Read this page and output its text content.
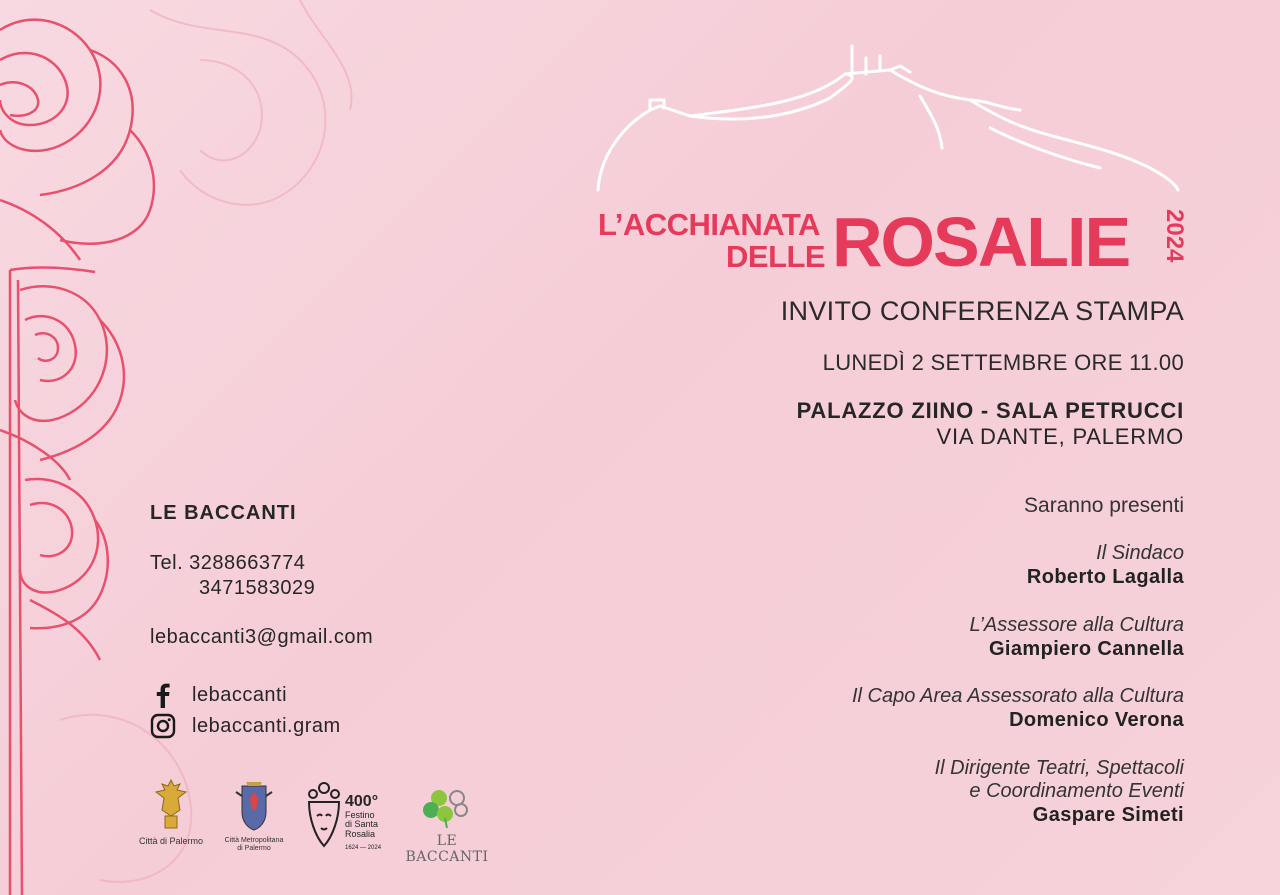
L’ACCHIANATA
DELLE ROSALIE 2024
INVITO CONFERENZA STAMPA
LUNEDÌ 2 SETTEMBRE ORE 11.00
PALAZZO ZIINO - SALA PETRUCCI
VIA DANTE, PALERMO
Saranno presenti
Il Sindaco
Roberto Lagalla
L’Assessore alla Cultura
Giampiero Cannella
Il Capo Area Assessorato alla Cultura
Domenico Verona
Il Dirigente Teatri, Spettacoli
e Coordinamento Eventi
Gaspare Simeti
LE BACCANTI
Tel. 3288663774
3471583029
lebaccanti3@gmail.com
lebaccanti
lebaccanti.gram
Città di Palermo	Città Metropolitana
di Palermo
400°
Festino
di Santa
Rosalia
1624 — 2024	LE BACCANTI
